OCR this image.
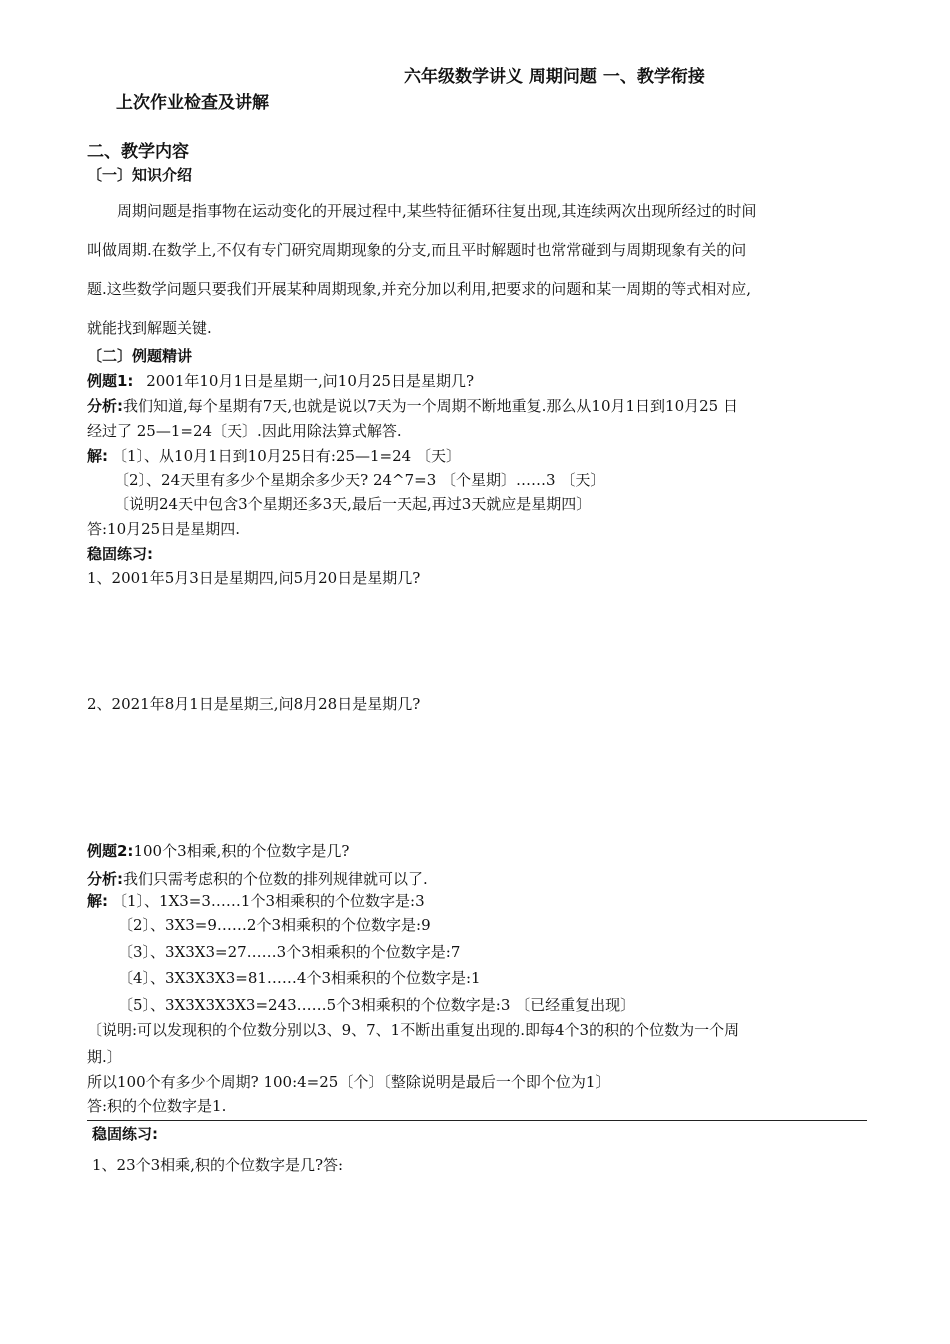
六年级数学讲义 周期问题 一、教学衔接
上次作业检查及讲解
二、教学内容
〔一〕知识介绍
周期问题是指事物在运动变化的开展过程中,某些特征循环往复出现,其连续两次出现所经过的时间
叫做周期.在数学上,不仅有专门研究周期现象的分支,而且平时解题时也常常碰到与周期现象有关的问
题.这些数学问题只要我们开展某种周期现象,并充分加以利用,把要求的问题和某一周期的等式相对应,
就能找到解题关键.
〔二〕例题精讲
例题1: 2001年10月1日是星期一,问10月25日是星期几?
分析:我们知道,每个星期有7天,也就是说以7天为一个周期不断地重复.那么从10月1日到10月25 日
经过了 25—1=24〔天〕.因此用除法算式解答.
解: 〔1〕、从10月1日到10月25日有:25—1=24 〔天〕
〔2〕、24天里有多少个星期余多少天? 24^7=3 〔个星期〕……3 〔天〕
〔说明24天中包含3个星期还多3天,最后一天起,再过3天就应是星期四〕
答:10月25日是星期四.
稳固练习:
1、2001年5月3日是星期四,问5月20日是星期几?
2、2021年8月1日是星期三,问8月28日是星期几?
例题2:100个3相乘,积的个位数字是几?
分析:我们只需考虑积的个位数的排列规律就可以了.
解: 〔1〕、1X3=3……1个3相乘积的个位数字是:3
〔2〕、3X3=9……2个3相乘积的个位数字是:9
〔3〕、3X3X3=27……3个3相乘积的个位数字是:7
〔4〕、3X3X3X3=81……4个3相乘积的个位数字是:1
〔5〕、3X3X3X3X3=243……5个3相乘积的个位数字是:3 〔已经重复出现〕
〔说明:可以发现积的个位数分别以3、9、7、1不断出重复出现的.即每4个3的积的个位数为一个周
期.〕
所以100个有多少个周期? 100:4=25〔个〕〔整除说明是最后一个即个位为1〕
答:积的个位数字是1.
稳固练习:
1、23个3相乘,积的个位数字是几?答:
